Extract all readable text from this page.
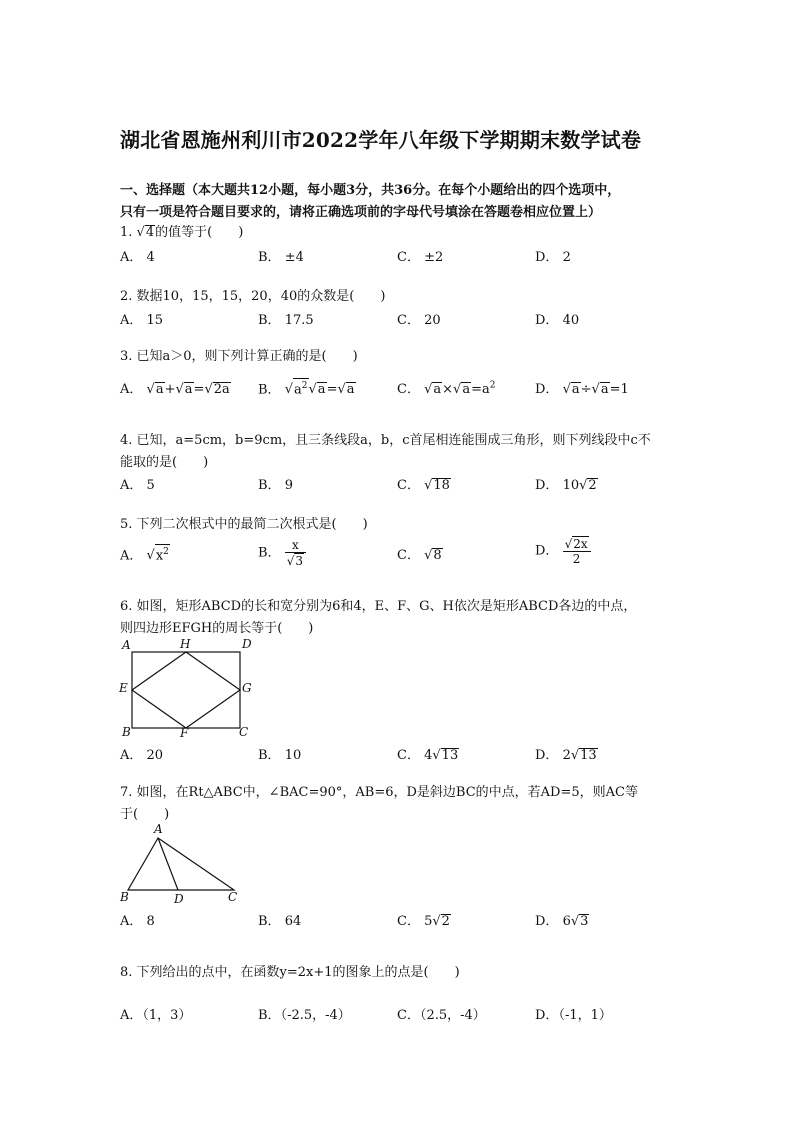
湖北省恩施州利川市2022学年八年级下学期期末数学试卷
一、选择题（本大题共12小题，每小题3分，共36分。在每个小题给出的四个选项中，
只有一项是符合题目要求的，请将正确选项前的字母代号填涂在答题卷相应位置上）
1. √4的值等于(　　)
A． 4	B． ±4	C． ±2	D． 2
2. 数据10，15，15，20，40的众数是(　　)
A． 15	B． 17.5	C． 20	D． 40
3. 已知a＞0，则下列计算正确的是(　　)
A． √a+√a=√2a B． $√a^2√a=√a$	C． $√a\times√a=a^2$	D． √a÷√a=1
4. 已知，a=5cm，b=9cm，且三条线段a，b，c首尾相连能围成三角形，则下列线段中c不
能取的是(　　)
A． 5	B． 9	C． √18	D． 10√2
5. 下列二次根式中的最简二次根式是(　　)
A． $√x^2$	B． $\frac{x}{√3}$	C． √8	D． $\frac{√2x}{2}$
6. 如图，矩形ABCD的长和宽分别为6和4，E、F、G、H依次是矩形ABCD各边的中点，
则四边形EFGH的周长等于(　　)
A	H	D
E	G
B	F	C
A． 20	B． 10	C． 4√13	D． 2√13
7. 如图，在Rt△ABC中，∠BAC=90°，AB=6，D是斜边BC的中点，若AD=5，则AC等
于(　　)
A
B	D	C
A． 8	B． 64	C． 5√2	D． 6√3
8. 下列给出的点中，在函数y=2x+1的图象上的点是(　　)
A．（1，3）	B．（-2.5，-4）	C．（2.5，-4）	D．（-1，1）
